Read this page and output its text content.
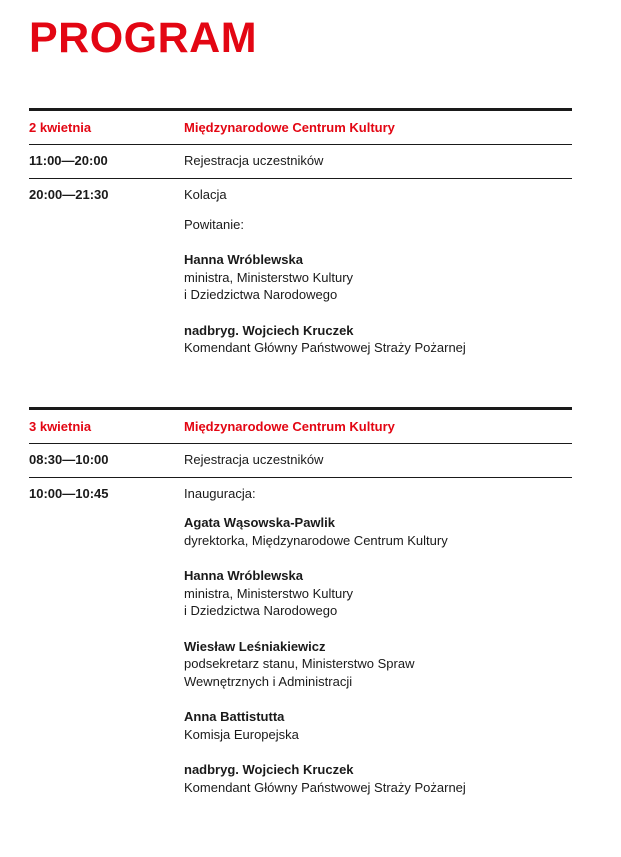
PROGRAM
2 kwietnia	Międzynarodowe Centrum Kultury
11:00—20:00	Rejestracja uczestników
20:00—21:30	Kolacja
Powitanie:
Hanna Wróblewska
ministra, Ministerstwo Kultury
i Dziedzictwa Narodowego
nadbryg. Wojciech Kruczek
Komendant Główny Państwowej Straży Pożarnej
3 kwietnia	Międzynarodowe Centrum Kultury
08:30—10:00	Rejestracja uczestników
10:00—10:45	Inauguracja:
Agata Wąsowska-Pawlik
dyrektorka, Międzynarodowe Centrum Kultury
Hanna Wróblewska
ministra, Ministerstwo Kultury
i Dziedzictwa Narodowego
Wiesław Leśniakiewicz
podsekretarz stanu, Ministerstwo Spraw
Wewnętrznych i Administracji
Anna Battistutta
Komisja Europejska
nadbryg. Wojciech Kruczek
Komendant Główny Państwowej Straży Pożarnej
